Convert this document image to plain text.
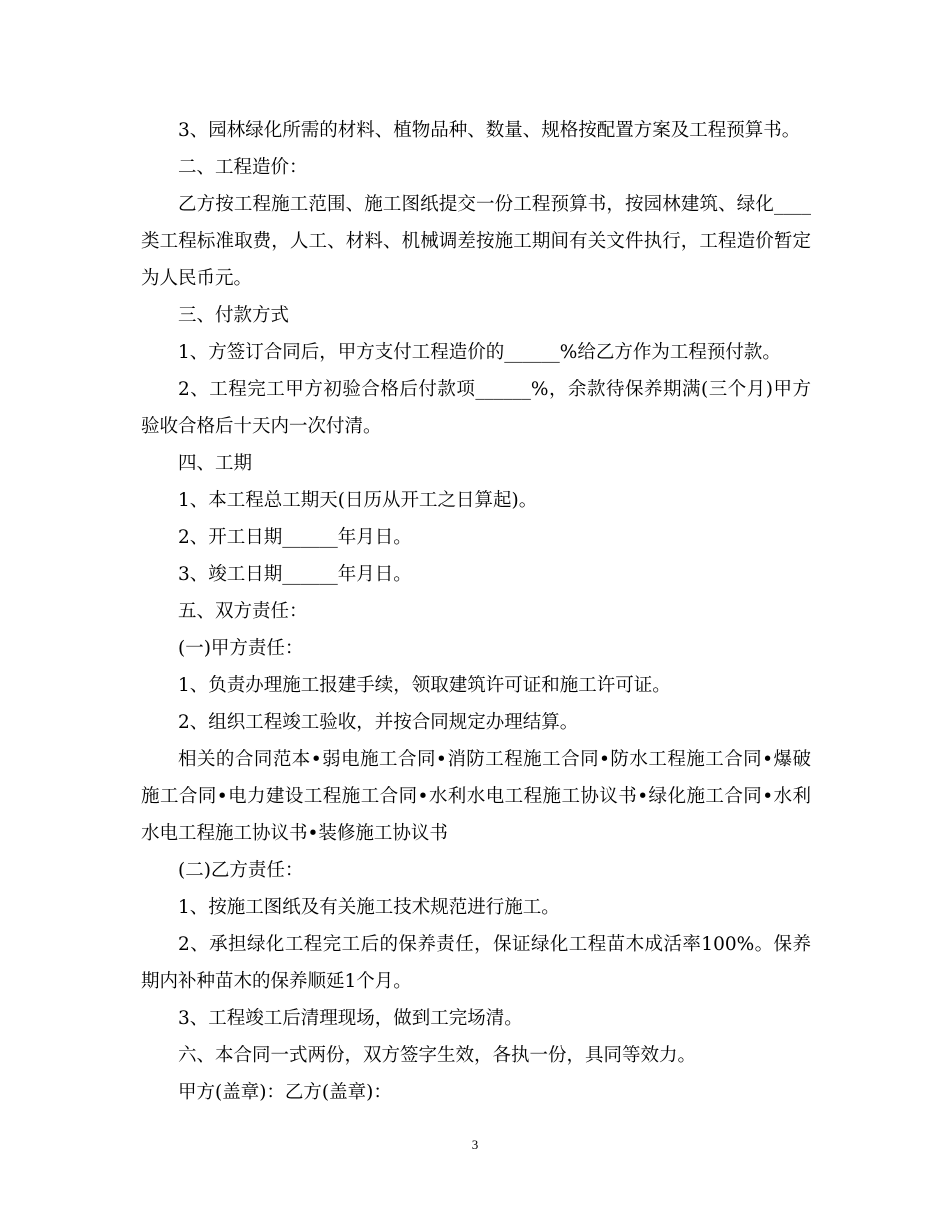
3、园林绿化所需的材料、植物品种、数量、规格按配置方案及工程预算书。

二、工程造价：

乙方按工程施工范围、施工图纸提交一份工程预算书，按园林建筑、绿化____类工程标准取费，人工、材料、机械调差按施工期间有关文件执行，工程造价暂定为人民币元。

三、付款方式

1、方签订合同后，甲方支付工程造价的______%给乙方作为工程预付款。

2、工程完工甲方初验合格后付款项______%，余款待保养期满(三个月)甲方验收合格后十天内一次付清。

四、工期

1、本工程总工期天(日历从开工之日算起)。

2、开工日期______年月日。

3、竣工日期______年月日。

五、双方责任：

(一)甲方责任：

1、负责办理施工报建手续，领取建筑许可证和施工许可证。

2、组织工程竣工验收，并按合同规定办理结算。

相关的合同范本•弱电施工合同•消防工程施工合同•防水工程施工合同•爆破施工合同•电力建设工程施工合同•水利水电工程施工协议书•绿化施工合同•水利水电工程施工协议书•装修施工协议书

(二)乙方责任：

1、按施工图纸及有关施工技术规范进行施工。

2、承担绿化工程完工后的保养责任，保证绿化工程苗木成活率100%。保养期内补种苗木的保养顺延1个月。

3、工程竣工后清理现场，做到工完场清。

六、本合同一式两份，双方签字生效，各执一份，具同等效力。

甲方(盖章)：乙方(盖章)：

3
